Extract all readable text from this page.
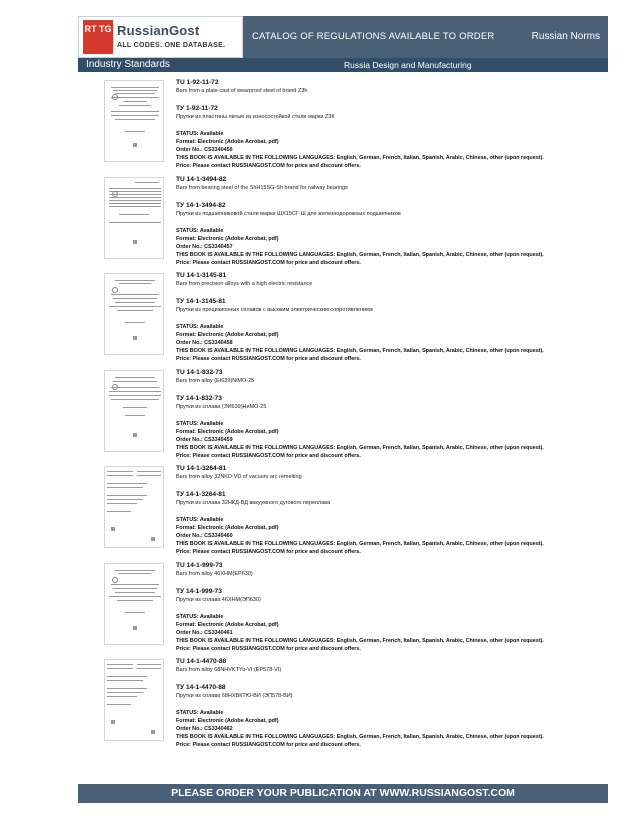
RT TG RussianGost
ALL CODES. ONE DATABASE.
CATALOG OF REGULATIONS AVAILABLE TO ORDER	Russian Norms
Industry Standards	Russia Design and Manufacturing
TU 1-92-11-72
Bars from a plate cast of wearproof steel of brand Z3h
ТУ 1-92-11-72
Прутки из пластины литые из износостойкой стали марки Z3К
STATUS: Available
Format: Electronic (Adobe Acrobat, pdf)
Order No.: CS3340456
THIS BOOK IS AVAILABLE IN THE FOLLOWING LANGUAGES: English, German, French, Italian, Spanish, Arabic, Chinese, other (upon request).
Price: Please contact RUSSIANGOST.COM for price and discount offers.
TU 14-1-3494-82
Bars from bearing steel of the ShH15SG-Sh brand for railway bearings
ТУ 14-1-3494-82
Прутки из подшипниковой стали марки ШХ15СГ-Ш для железнодорожных подшипников
STATUS: Available
Format: Electronic (Adobe Acrobat, pdf)
Order No.: CS3340457
THIS BOOK IS AVAILABLE IN THE FOLLOWING LANGUAGES: English, German, French, Italian, Spanish, Arabic, Chinese, other (upon request).
Price: Please contact RUSSIANGOST.COM for price and discount offers.
TU 14-1-3145-81
Bars from precision alloys with a high electric resistance
ТУ 14-1-3145-81
Прутки из прецизионных сплавов с высоким электрическим сопротивлением
STATUS: Available
Format: Electronic (Adobe Acrobat, pdf)
Order No.: CS3340458
THIS BOOK IS AVAILABLE IN THE FOLLOWING LANGUAGES: English, German, French, Italian, Spanish, Arabic, Chinese, other (upon request).
Price: Please contact RUSSIANGOST.COM for price and discount offers.
TU 14-1-832-73
Bars from alloy (EI639)NiMO-25
ТУ 14-1-832-73
Прутки из сплава (ЭИ639)НиМО-25
STATUS: Available
Format: Electronic (Adobe Acrobat, pdf)
Order No.: CS3340459
THIS BOOK IS AVAILABLE IN THE FOLLOWING LANGUAGES: English, German, French, Italian, Spanish, Arabic, Chinese, other (upon request).
Price: Please contact RUSSIANGOST.COM for price and discount offers.
TU 14-1-3264-81
Bars from alloy 32NKD-VD of vacuum arc remelting
ТУ 14-1-3264-81
Прутки из сплава 32НКД-ВД вакуумного дугового переплава
STATUS: Available
Format: Electronic (Adobe Acrobat, pdf)
Order No.: CS3340460
THIS BOOK IS AVAILABLE IN THE FOLLOWING LANGUAGES: English, German, French, Italian, Spanish, Arabic, Chinese, other (upon request).
Price: Please contact RUSSIANGOST.COM for price and discount offers.
TU 14-1-999-73
Bars from alloy 46XHM(EP630)
ТУ 14-1-999-73
Прутки из сплава 46ХНМ(ЭП630)
STATUS: Available
Format: Electronic (Adobe Acrobat, pdf)
Order No.: CS3340461
THIS BOOK IS AVAILABLE IN THE FOLLOWING LANGUAGES: English, German, French, Italian, Spanish, Arabic, Chinese, other (upon request).
Price: Please contact RUSSIANGOST.COM for price and discount offers.
TU 14-1-4470-88
Bars from alloy 68NHVKTYu-VI (EP578-VI)
ТУ 14-1-4470-88
Прутки из сплава 68НХВКТЮ-ВИ (ЭП578-ВИ)
STATUS: Available
Format: Electronic (Adobe Acrobat, pdf)
Order No.: CS3340462
THIS BOOK IS AVAILABLE IN THE FOLLOWING LANGUAGES: English, German, French, Italian, Spanish, Arabic, Chinese, other (upon request).
Price: Please contact RUSSIANGOST.COM for price and discount offers.
PLEASE ORDER YOUR PUBLICATION AT WWW.RUSSIANGOST.COM
